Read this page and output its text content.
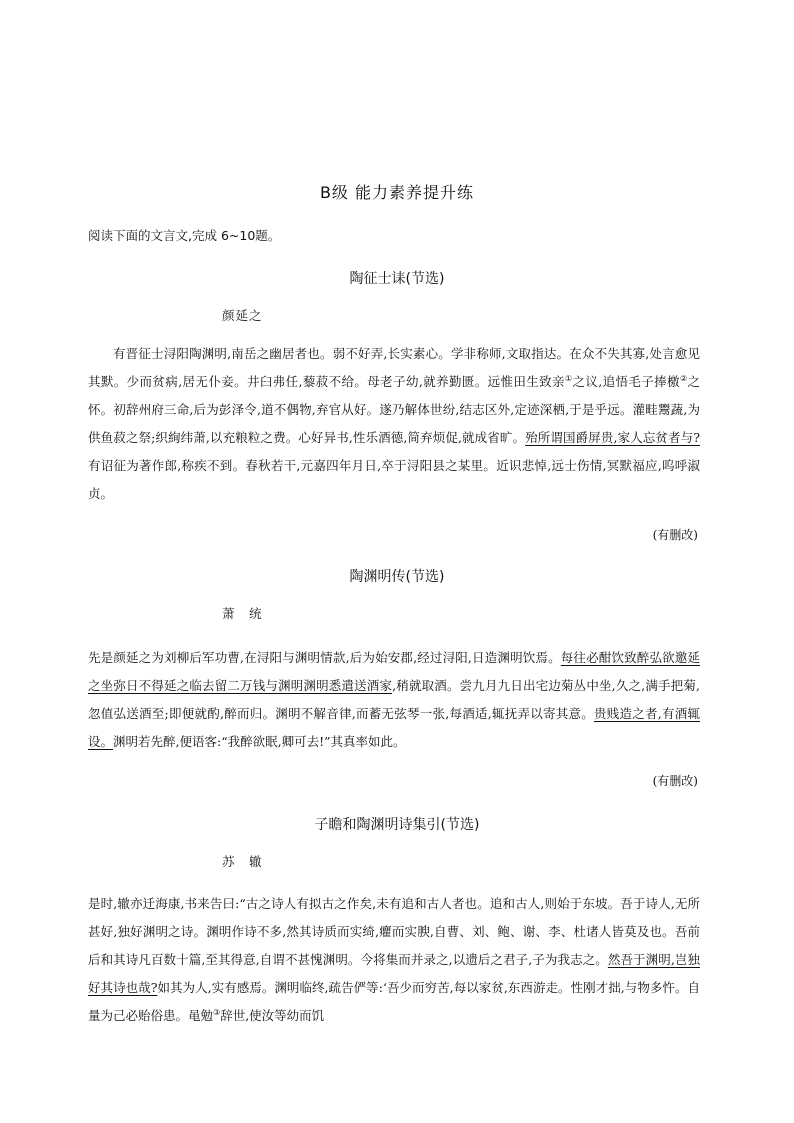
B级 能力素养提升练
阅读下面的文言文,完成 6~10题。
陶征士诔(节选)
颜延之

有晋征士浔阳陶渊明,南岳之幽居者也。弱不好弄,长实素心。学非称师,文取指达。在众不失其寡,处言愈见其默。少而贫病,居无仆妾。井臼弗任,藜菽不给。母老子幼,就养勤匮。远惟田生致亲①之议,追悟毛子捧檄②之怀。初辞州府三命,后为彭泽令,道不偶物,弃官从好。遂乃解体世纷,结志区外,定迹深栖,于是乎远。灌畦鬻蔬,为供鱼菽之祭;织絢纬萧,以充粮粒之费。心好异书,性乐酒德,简弃烦促,就成省旷。殆所谓国爵屏贵,家人忘贫者与?有诏征为著作郎,称疾不到。春秋若干,元嘉四年月日,卒于浔阳县之某里。近识悲悼,远士伤情,冥默福应,呜呼淑贞。

(有删改)
陶渊明传(节选)
萧　统

先是颜延之为刘柳后军功曹,在浔阳与渊明情款,后为始安郡,经过浔阳,日造渊明饮焉。每往必酣饮致醉弘欲邀延之坐弥日不得延之临去留二万钱与渊明渊明悉遣送酒家,稍就取酒。尝九月九日出宅边菊丛中坐,久之,满手把菊,忽值弘送酒至;即便就酌,醉而归。渊明不解音律,而蓄无弦琴一张,每酒适,辄抚弄以寄其意。贵贱造之者,有酒辄设。渊明若先醉,便语客:“我醉欲眠,卿可去!”其真率如此。

(有删改)
子瞻和陶渊明诗集引(节选)
苏　辙

是时,辙亦迁海康,书来告曰:“古之诗人有拟古之作矣,未有追和古人者也。追和古人,则始于东坡。吾于诗人,无所甚好,独好渊明之诗。渊明作诗不多,然其诗质而实绮,癯而实腴,自曹、刘、鲍、谢、李、杜诸人皆莫及也。吾前后和其诗凡百数十篇,至其得意,自谓不甚愧渊明。今将集而并录之,以遗后之君子,子为我志之。然吾于渊明,岂独好其诗也哉?如其为人,实有感焉。渊明临终,疏告俨等:‘吾少而穷苦,每以家贫,东西游走。性刚才拙,与物多忤。自量为己必贻俗患。黾勉③辞世,使汝等幼而饥
